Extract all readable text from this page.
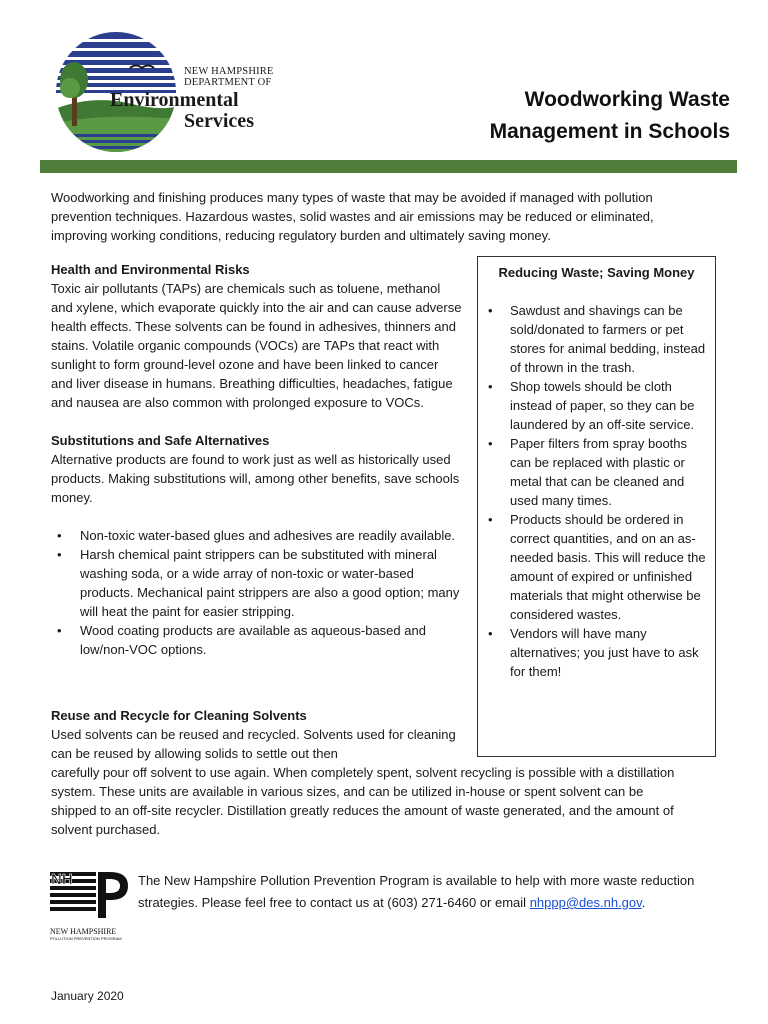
NEW HAMPSHIRE
DEPARTMENT OF
Environmental
Services
Woodworking Waste
Management in Schools

Woodworking and finishing produces many types of waste that may be avoided if managed with pollution prevention techniques. Hazardous wastes, solid wastes and air emissions may be reduced or eliminated, improving working conditions, reducing regulatory burden and ultimately saving money.

Health and Environmental Risks

Toxic air pollutants (TAPs) are chemicals such as toluene, methanol and xylene, which evaporate quickly into the air and can cause adverse health effects. These solvents can be found in adhesives, thinners and stains. Volatile organic compounds (VOCs) are TAPs that react with sunlight to form ground-level ozone and have been linked to cancer and liver disease in humans. Breathing difficulties, headaches, fatigue and nausea are also common with prolonged exposure to VOCs.

Substitutions and Safe Alternatives

Alternative products are found to work just as well as historically used products. Making substitutions will, among other benefits, save schools money.

• Non-toxic water-based glues and adhesives are readily available.
• Harsh chemical paint strippers can be substituted with mineral washing soda, or a wide array of non-toxic or water-based products. Mechanical paint strippers are also a good option; many will heat the paint for easier stripping.
• Wood coating products are available as aqueous-based and low/non-VOC options.
Reuse and Recycle for Cleaning Solvents

Used solvents can be reused and recycled. Solvents used for cleaning can be reused by allowing solids to settle out then

carefully pour off solvent to use again. When completely spent, solvent recycling is possible with a distillation system. These units are available in various sizes, and can be utilized in-house or spent solvent can be shipped to an off-site recycler. Distillation greatly reduces the amount of waste generated, and the amount of solvent purchased.

Reducing Waste; Saving Money
• Sawdust and shavings can be sold/donated to farmers or pet stores for animal bedding, instead of thrown in the trash.
• Shop towels should be cloth instead of paper, so they can be laundered by an off-site service.
• Paper filters from spray booths can be replaced with plastic or metal that can be cleaned and used many times.
• Products should be ordered in correct quantities, and on an as- needed basis. This will reduce the amount of expired or unfinished materials that might otherwise be considered wastes.
• Vendors will have many alternatives; you just have to ask for them!
NH
NEW HAMPSHIRE
POLLUTION PREVENTION PROGRAM
The New Hampshire Pollution Prevention Program is available to help with more waste reduction strategies. Please feel free to contact us at (603) 271-6460 or email nhppp@des.nh.gov.
January 2020
